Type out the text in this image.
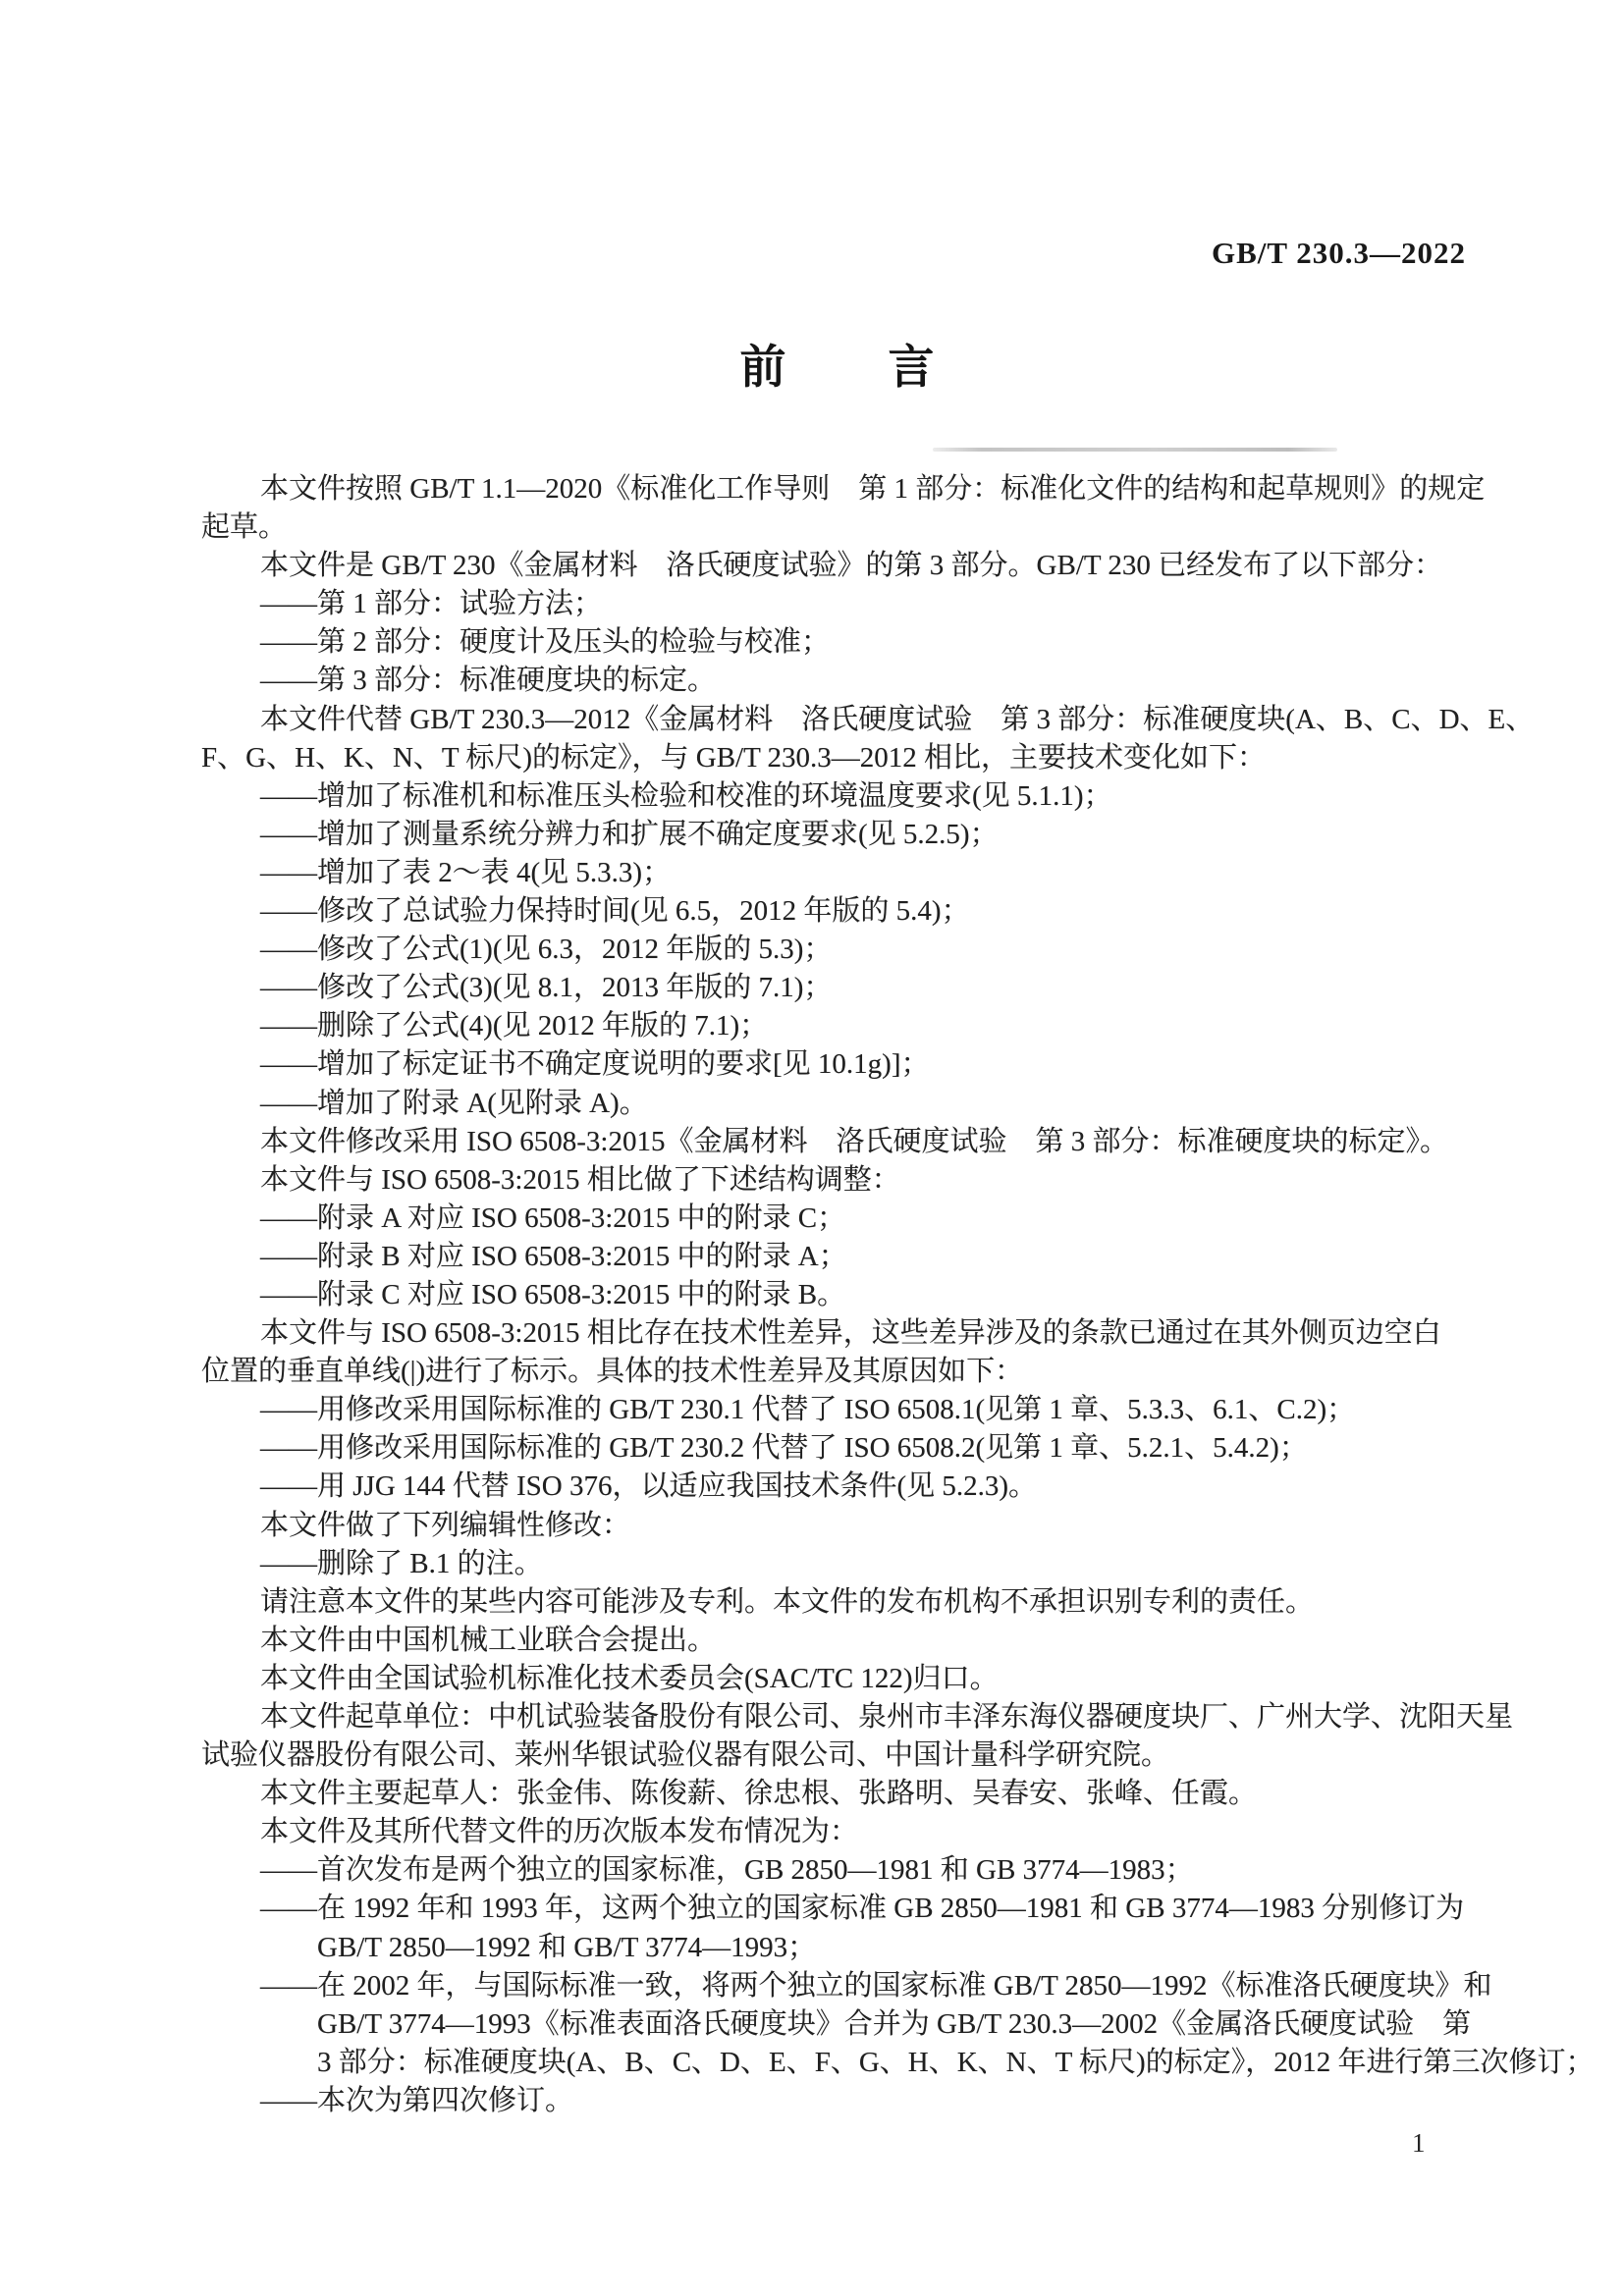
GB/T 230.3—2022
前 言
本文件按照 GB/T 1.1—2020《标准化工作导则　第 1 部分：标准化文件的结构和起草规则》的规定
起草。
本文件是 GB/T 230《金属材料　洛氏硬度试验》的第 3 部分。GB/T 230 已经发布了以下部分：
——第 1 部分：试验方法；
——第 2 部分：硬度计及压头的检验与校准；
——第 3 部分：标准硬度块的标定。
本文件代替 GB/T 230.3—2012《金属材料　洛氏硬度试验　第 3 部分：标准硬度块(A、B、C、D、E、
F、G、H、K、N、T 标尺)的标定》，与 GB/T 230.3—2012 相比，主要技术变化如下：
——增加了标准机和标准压头检验和校准的环境温度要求(见 5.1.1)；
——增加了测量系统分辨力和扩展不确定度要求(见 5.2.5)；
——增加了表 2～表 4(见 5.3.3)；
——修改了总试验力保持时间(见 6.5，2012 年版的 5.4)；
——修改了公式(1)(见 6.3，2012 年版的 5.3)；
——修改了公式(3)(见 8.1，2013 年版的 7.1)；
——删除了公式(4)(见 2012 年版的 7.1)；
——增加了标定证书不确定度说明的要求[见 10.1g)]；
——增加了附录 A(见附录 A)。
本文件修改采用 ISO 6508-3:2015《金属材料　洛氏硬度试验　第 3 部分：标准硬度块的标定》。
本文件与 ISO 6508-3:2015 相比做了下述结构调整：
——附录 A 对应 ISO 6508-3:2015 中的附录 C；
——附录 B 对应 ISO 6508-3:2015 中的附录 A；
——附录 C 对应 ISO 6508-3:2015 中的附录 B。
本文件与 ISO 6508-3:2015 相比存在技术性差异，这些差异涉及的条款已通过在其外侧页边空白
位置的垂直单线(|)进行了标示。具体的技术性差异及其原因如下：
——用修改采用国际标准的 GB/T 230.1 代替了 ISO 6508.1(见第 1 章、5.3.3、6.1、C.2)；
——用修改采用国际标准的 GB/T 230.2 代替了 ISO 6508.2(见第 1 章、5.2.1、5.4.2)；
——用 JJG 144 代替 ISO 376，以适应我国技术条件(见 5.2.3)。
本文件做了下列编辑性修改：
——删除了 B.1 的注。
请注意本文件的某些内容可能涉及专利。本文件的发布机构不承担识别专利的责任。
本文件由中国机械工业联合会提出。
本文件由全国试验机标准化技术委员会(SAC/TC 122)归口。
本文件起草单位：中机试验装备股份有限公司、泉州市丰泽东海仪器硬度块厂、广州大学、沈阳天星
试验仪器股份有限公司、莱州华银试验仪器有限公司、中国计量科学研究院。
本文件主要起草人：张金伟、陈俊薪、徐忠根、张路明、吴春安、张峰、任霞。
本文件及其所代替文件的历次版本发布情况为：
——首次发布是两个独立的国家标准，GB 2850—1981 和 GB 3774—1983；
——在 1992 年和 1993 年，这两个独立的国家标准 GB 2850—1981 和 GB 3774—1983 分别修订为
GB/T 2850—1992 和 GB/T 3774—1993；
——在 2002 年，与国际标准一致，将两个独立的国家标准 GB/T 2850—1992《标准洛氏硬度块》和
GB/T 3774—1993《标准表面洛氏硬度块》合并为 GB/T 230.3—2002《金属洛氏硬度试验　第
3 部分：标准硬度块(A、B、C、D、E、F、G、H、K、N、T 标尺)的标定》，2012 年进行第三次修订；
——本次为第四次修订。
1
